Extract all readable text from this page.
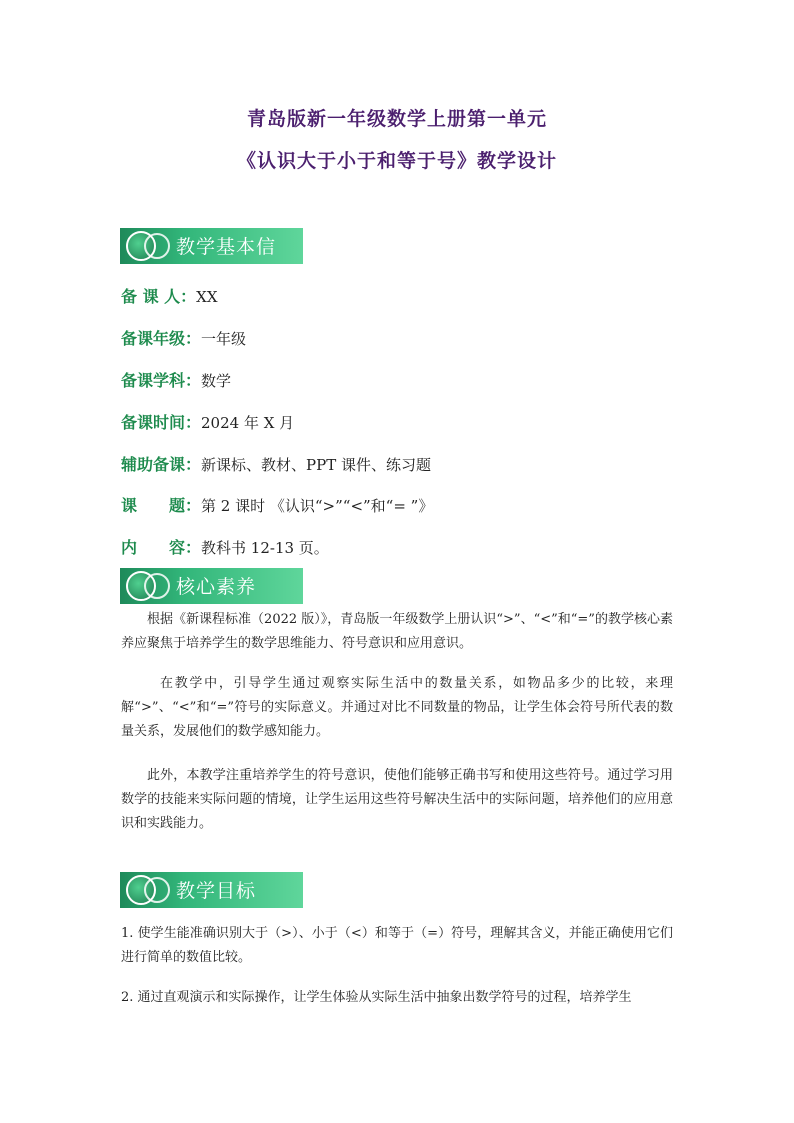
青岛版新一年级数学上册第一单元
《认识大于小于和等于号》教学设计
教学基本信
备 课 人：XX
备课年级：一年级
备课学科：数学
备课时间：2024 年 X 月
辅助备课：新课标、教材、PPT 课件、练习题
课　　题：第 2 课时 《认识“>”“<”和“= ”》
内　　容：教科书 12-13 页。
核心素养
根据《新课程标准（2022 版）》，青岛版一年级数学上册认识“>”、“<”和“=”的教学核心素养应聚焦于培养学生的数学思维能力、符号意识和应用意识。
在教学中，引导学生通过观察实际生活中的数量关系，如物品多少的比较，来理解“>”、“<”和“=”符号的实际意义。并通过对比不同数量的物品，让学生体会符号所代表的数量关系，发展他们的数学感知能力。
此外，本教学注重培养学生的符号意识，使他们能够正确书写和使用这些符号。通过学习用数学的技能来实际问题的情境，让学生运用这些符号解决生活中的实际问题，培养他们的应用意识和实践能力。
教学目标
1. 使学生能准确识别大于（>）、小于（<）和等于（=）符号，理解其含义，并能正确使用它们进行简单的数值比较。
2. 通过直观演示和实际操作，让学生体验从实际生活中抽象出数学符号的过程，培养学生
